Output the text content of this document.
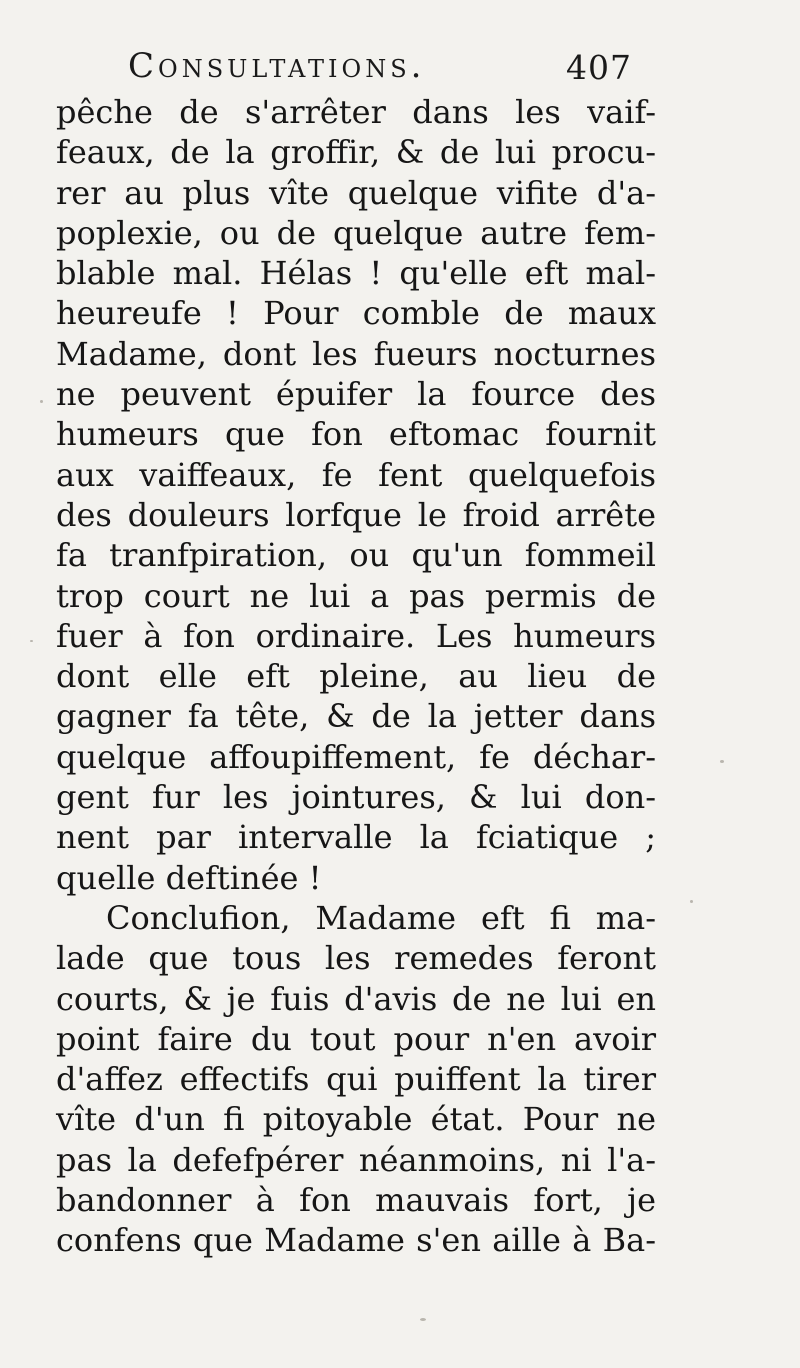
Consultations.	407
pêche de s'arrêter dans les vaif-
feaux, de la groffir, & de lui procu-
rer au plus vîte quelque vifite d'a-
poplexie, ou de quelque autre fem-
blable mal. Hélas ! qu'elle eft mal-
heureufe ! Pour comble de maux
Madame, dont les fueurs nocturnes
ne peuvent épuifer la fource des
humeurs que fon eftomac fournit
aux vaiffeaux, fe fent quelquefois
des douleurs lorfque le froid arrête
fa tranfpiration, ou qu'un fommeil
trop court ne lui a pas permis de
fuer à fon ordinaire. Les humeurs
dont elle eft pleine, au lieu de
gagner fa tête, & de la jetter dans
quelque affoupiffement, fe déchar-
gent fur les jointures, & lui don-
nent par intervalle la fciatique ;
quelle deftinée !
Conclufion, Madame eft fi ma-
lade que tous les remedes feront
courts, & je fuis d'avis de ne lui en
point faire du tout pour n'en avoir
d'affez effectifs qui puiffent la tirer
vîte d'un fi pitoyable état. Pour ne
pas la defefpérer néanmoins, ni l'a-
bandonner à fon mauvais fort, je
confens que Madame s'en aille à Ba-
